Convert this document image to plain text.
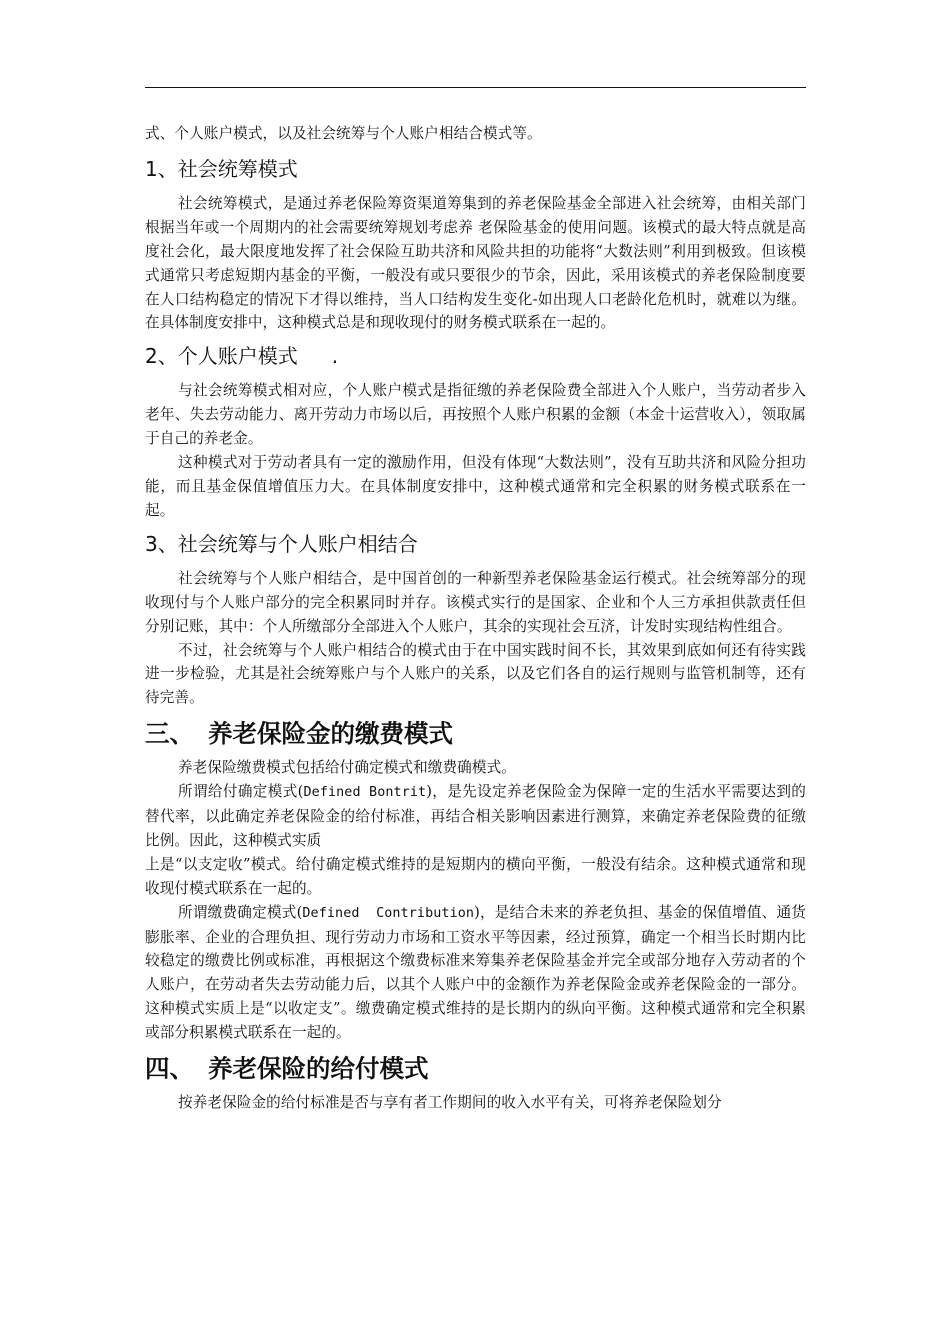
式、个人账户模式，以及社会统筹与个人账户相结合模式等。

1、社会统筹模式

社会统筹模式，是通过养老保险筹资渠道筹集到的养老保险基金全部进入社会统筹，由相关部门根据当年或一个周期内的社会需要统筹规划考虑养 老保险基金的使用问题。该模式的最大特点就是高度社会化，最大限度地发挥了社会保险互助共济和风险共担的功能将“大数法则”利用到极致。但该模式通常只考虑短期内基金的平衡，一般没有或只要很少的节余，因此，采用该模式的养老保险制度要在人口结构稳定的情况下才得以维持，当人口结构发生变化-如出现人口老龄化危机时，就难以为继。在具体制度安排中，这种模式总是和现收现付的财务模式联系在一起的。

2、个人账户模式 .

与社会统筹模式相对应，个人账户模式是指征缴的养老保险费全部进入个人账户，当劳动者步入老年、失去劳动能力、离开劳动力市场以后，再按照个人账户积累的金额（本金十运营收入），领取属于自己的养老金。

这种模式对于劳动者具有一定的激励作用，但没有体现“大数法则”，没有互助共济和风险分担功能，而且基金保值增值压力大。在具体制度安排中，这种模式通常和完全积累的财务模式联系在一起。

3、社会统筹与个人账户相结合

社会统筹与个人账户相结合，是中国首创的一种新型养老保险基金运行模式。社会统筹部分的现收现付与个人账户部分的完全积累同时并存。该模式实行的是国家、企业和个人三方承担供款责任但分别记账，其中：个人所缴部分全部进入个人账户，其余的实现社会互济，计发时实现结构性组合。

不过，社会统筹与个人账户相结合的模式由于在中国实践时间不长，其效果到底如何还有待实践进一步检验，尤其是社会统筹账户与个人账户的关系，以及它们各自的运行规则与监管机制等，还有待完善。

三、 养老保险金的缴费模式

养老保险缴费模式包括给付确定模式和缴费确模式。

所谓给付确定模式(Defined Bontrit)，是先设定养老保险金为保障一定的生活水平需要达到的替代率，以此确定养老保险金的给付标准，再结合相关影响因素进行测算，来确定养老保险费的征缴比例。因此，这种模式实质

上是“以支定收”模式。给付确定模式维持的是短期内的横向平衡，一般没有结余。这种模式通常和现收现付模式联系在一起的。

所谓缴费确定模式(Defined  Contribution)，是结合未来的养老负担、基金的保值增值、通货膨胀率、企业的合理负担、现行劳动力市场和工资水平等因素，经过预算，确定一个相当长时期内比较稳定的缴费比例或标准，再根据这个缴费标准来筹集养老保险基金并完全或部分地存入劳动者的个人账户，在劳动者失去劳动能力后，以其个人账户中的金额作为养老保险金或养老保险金的一部分。这种模式实质上是“以收定支”。缴费确定模式维持的是长期内的纵向平衡。这种模式通常和完全积累或部分积累模式联系在一起的。

四、 养老保险的给付模式

按养老保险金的给付标准是否与享有者工作期间的收入水平有关，可将养老保险划分
